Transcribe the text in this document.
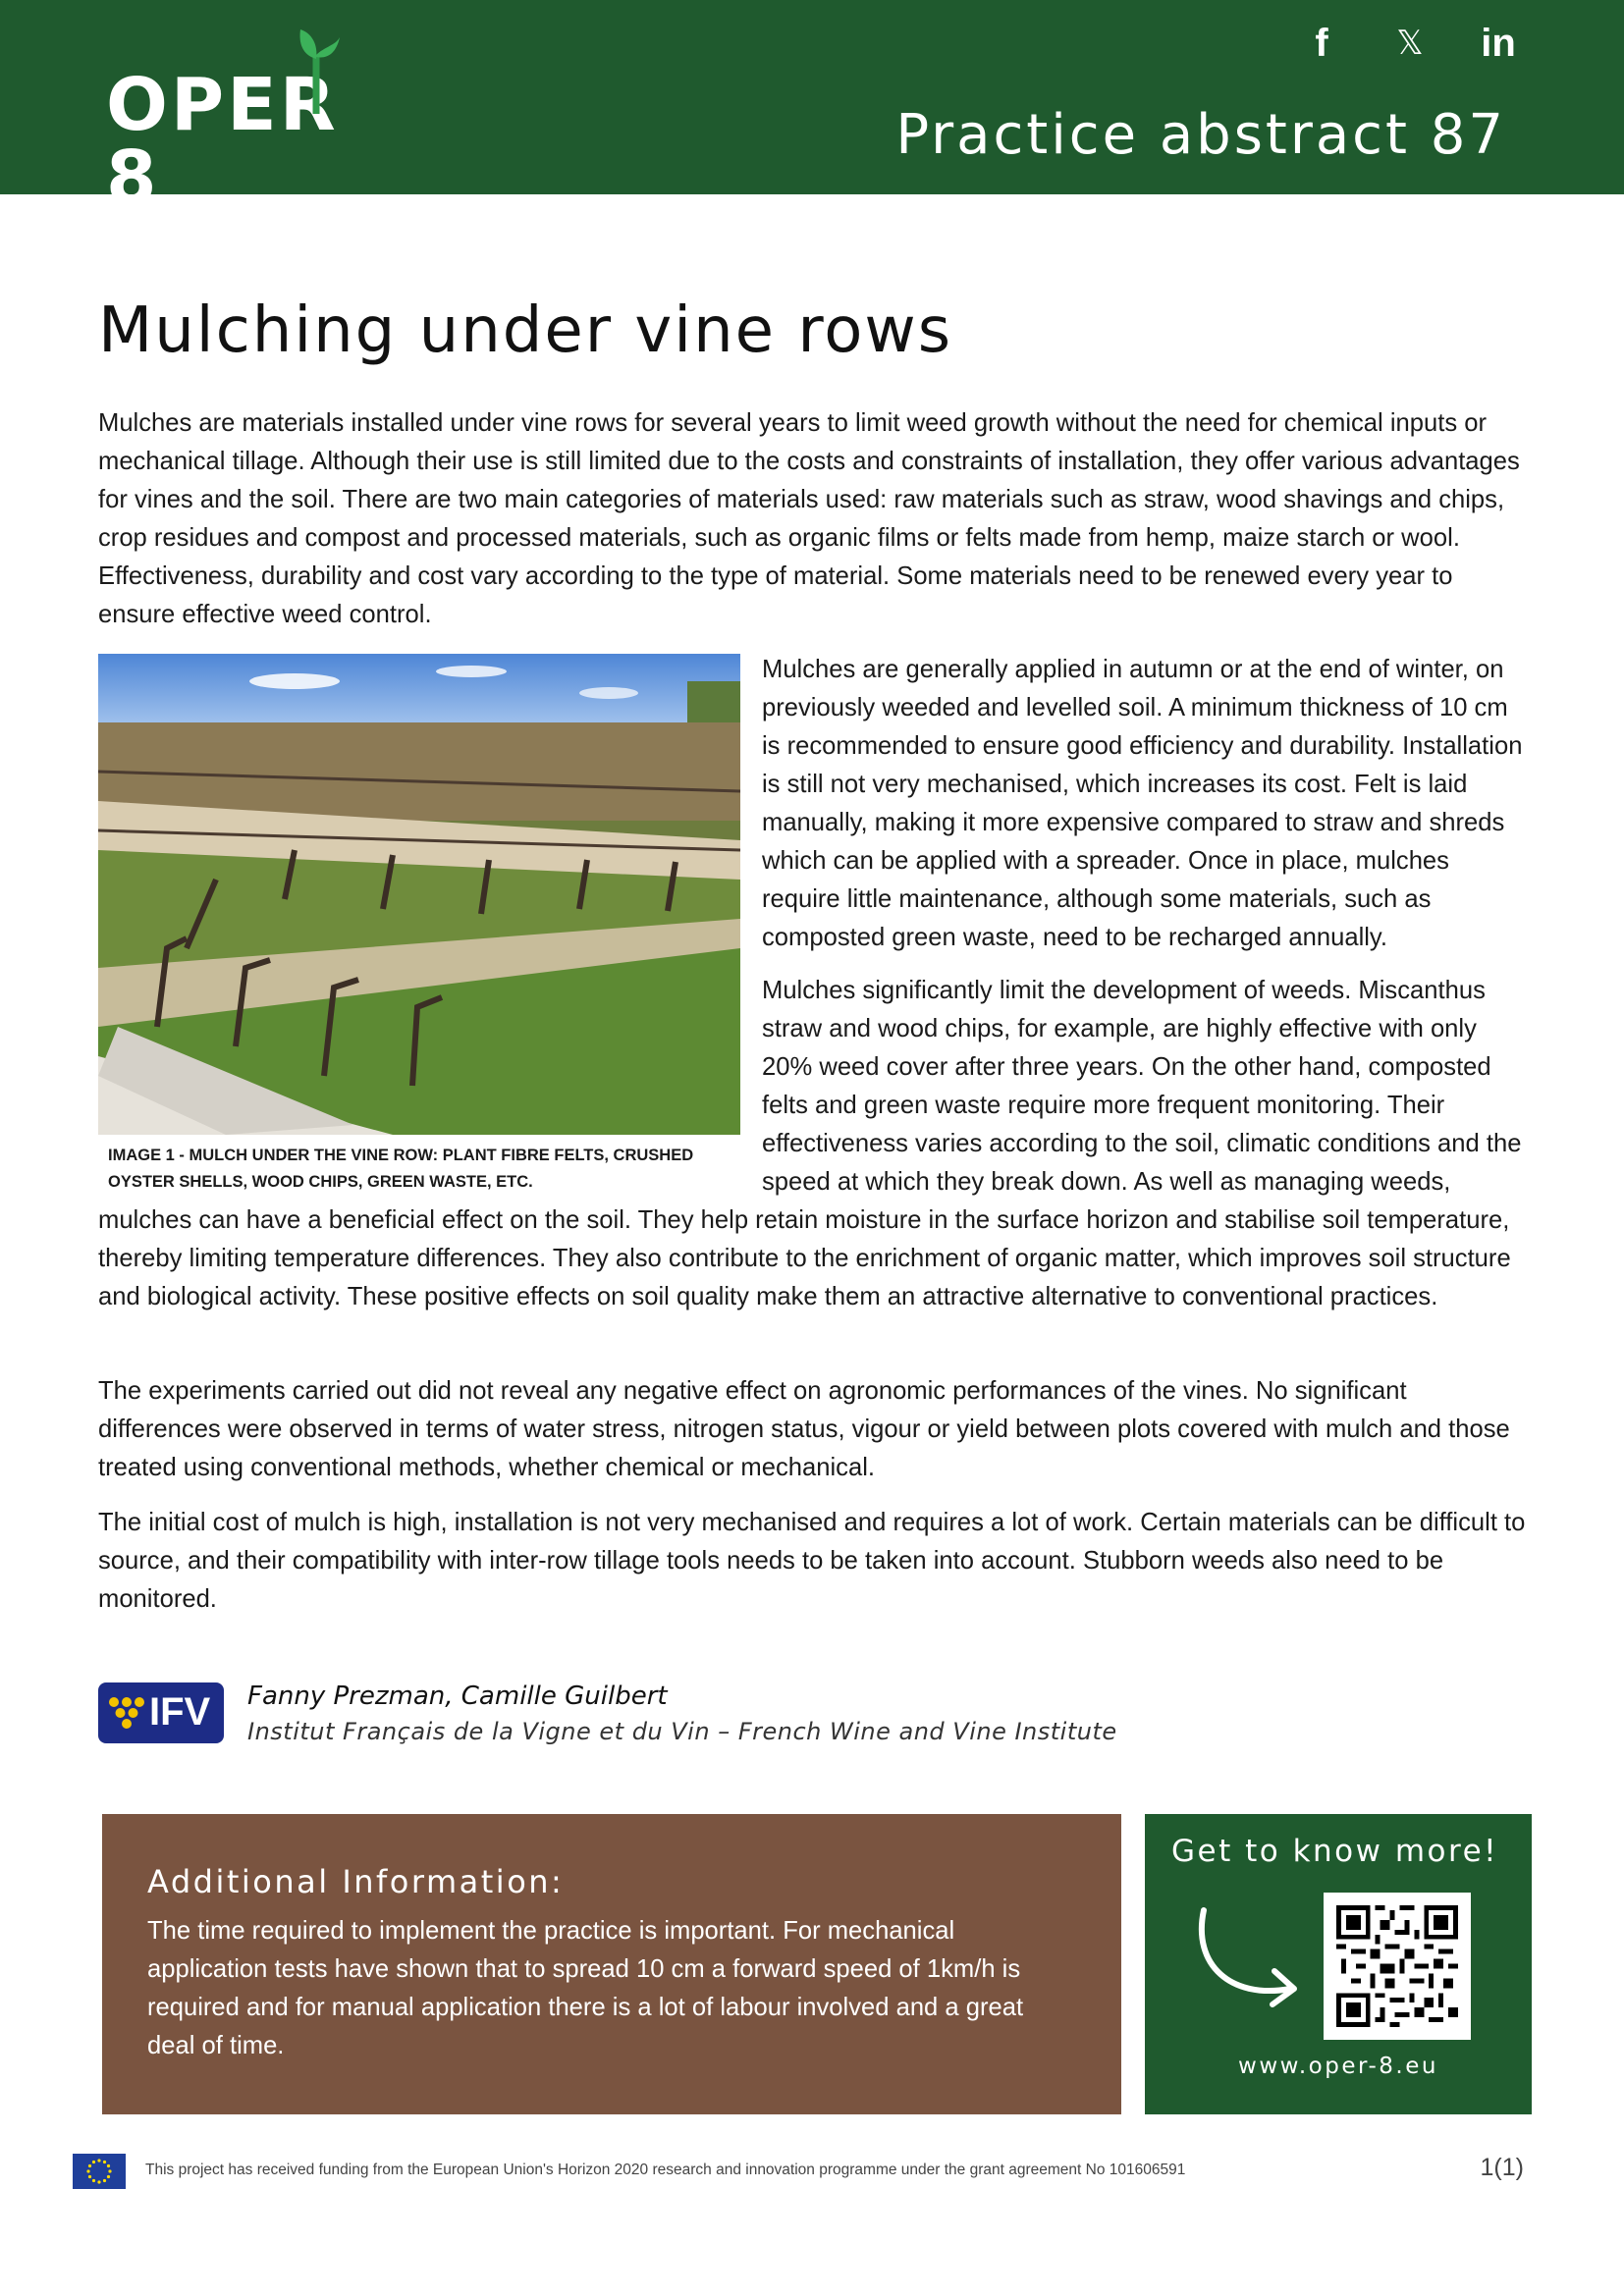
OPER 8
f	𝕏 in
Practice abstract 87
Mulching under vine rows

Mulches are materials installed under vine rows for several years to limit weed growth without the need for chemical inputs or mechanical tillage. Although their use is still limited due to the costs and constraints of installation, they offer various advantages for vines and the soil. There are two main categories of materials used: raw materials such as straw, wood shavings and chips, crop residues and compost and processed materials, such as organic films or felts made from hemp, maize starch or wool. Effectiveness, durability and cost vary according to the type of material. Some materials need to be renewed every year to ensure effective weed control.

IMAGE 1 - MULCH UNDER THE VINE ROW: PLANT FIBRE FELTS, CRUSHED OYSTER SHELLS, WOOD CHIPS, GREEN WASTE, ETC.

Mulches are generally applied in autumn or at the end of winter, on previously weeded and levelled soil. A minimum thickness of 10 cm is recommended to ensure good efficiency and durability. Installation is still not very mechanised, which increases its cost. Felt is laid manually, making it more expensive compared to straw and shreds which can be applied with a spreader. Once in place, mulches require little maintenance, although some materials, such as composted green waste, need to be recharged annually.

Mulches significantly limit the development of weeds. Miscanthus straw and wood chips, for example, are highly effective with only 20% weed cover after three years. On the other hand, composted felts and green waste require more frequent monitoring. Their effectiveness varies according to the soil, climatic conditions and the speed at which they break down. As well as managing weeds,

mulches can have a beneficial effect on the soil. They help retain moisture in the surface horizon and stabilise soil temperature, thereby limiting temperature differences. They also contribute to the enrichment of organic matter, which improves soil structure and biological activity. These positive effects on soil quality make them an attractive alternative to conventional practices.

The experiments carried out did not reveal any negative effect on agronomic performances of the vines. No significant differences were observed in terms of water stress, nitrogen status, vigour or yield between plots covered with mulch and those treated using conventional methods, whether chemical or mechanical.

The initial cost of mulch is high, installation is not very mechanised and requires a lot of work. Certain materials can be difficult to source, and their compatibility with inter-row tillage tools needs to be taken into account. Stubborn weeds also need to be monitored.

IFV Fanny Prezman, Camille Guilbert
Institut Français de la Vigne et du Vin – French Wine and Vine Institute
Additional Information:

The time required to implement the practice is important. For mechanical application tests have shown that to spread 10 cm a forward speed of 1km/h is required and for manual application there is a lot of labour involved and a great deal of time.

Get to know more!
www.oper-8.eu
This project has received funding from the European Union's Horizon 2020 research and innovation programme under the grant agreement No 101606591	1(1)
